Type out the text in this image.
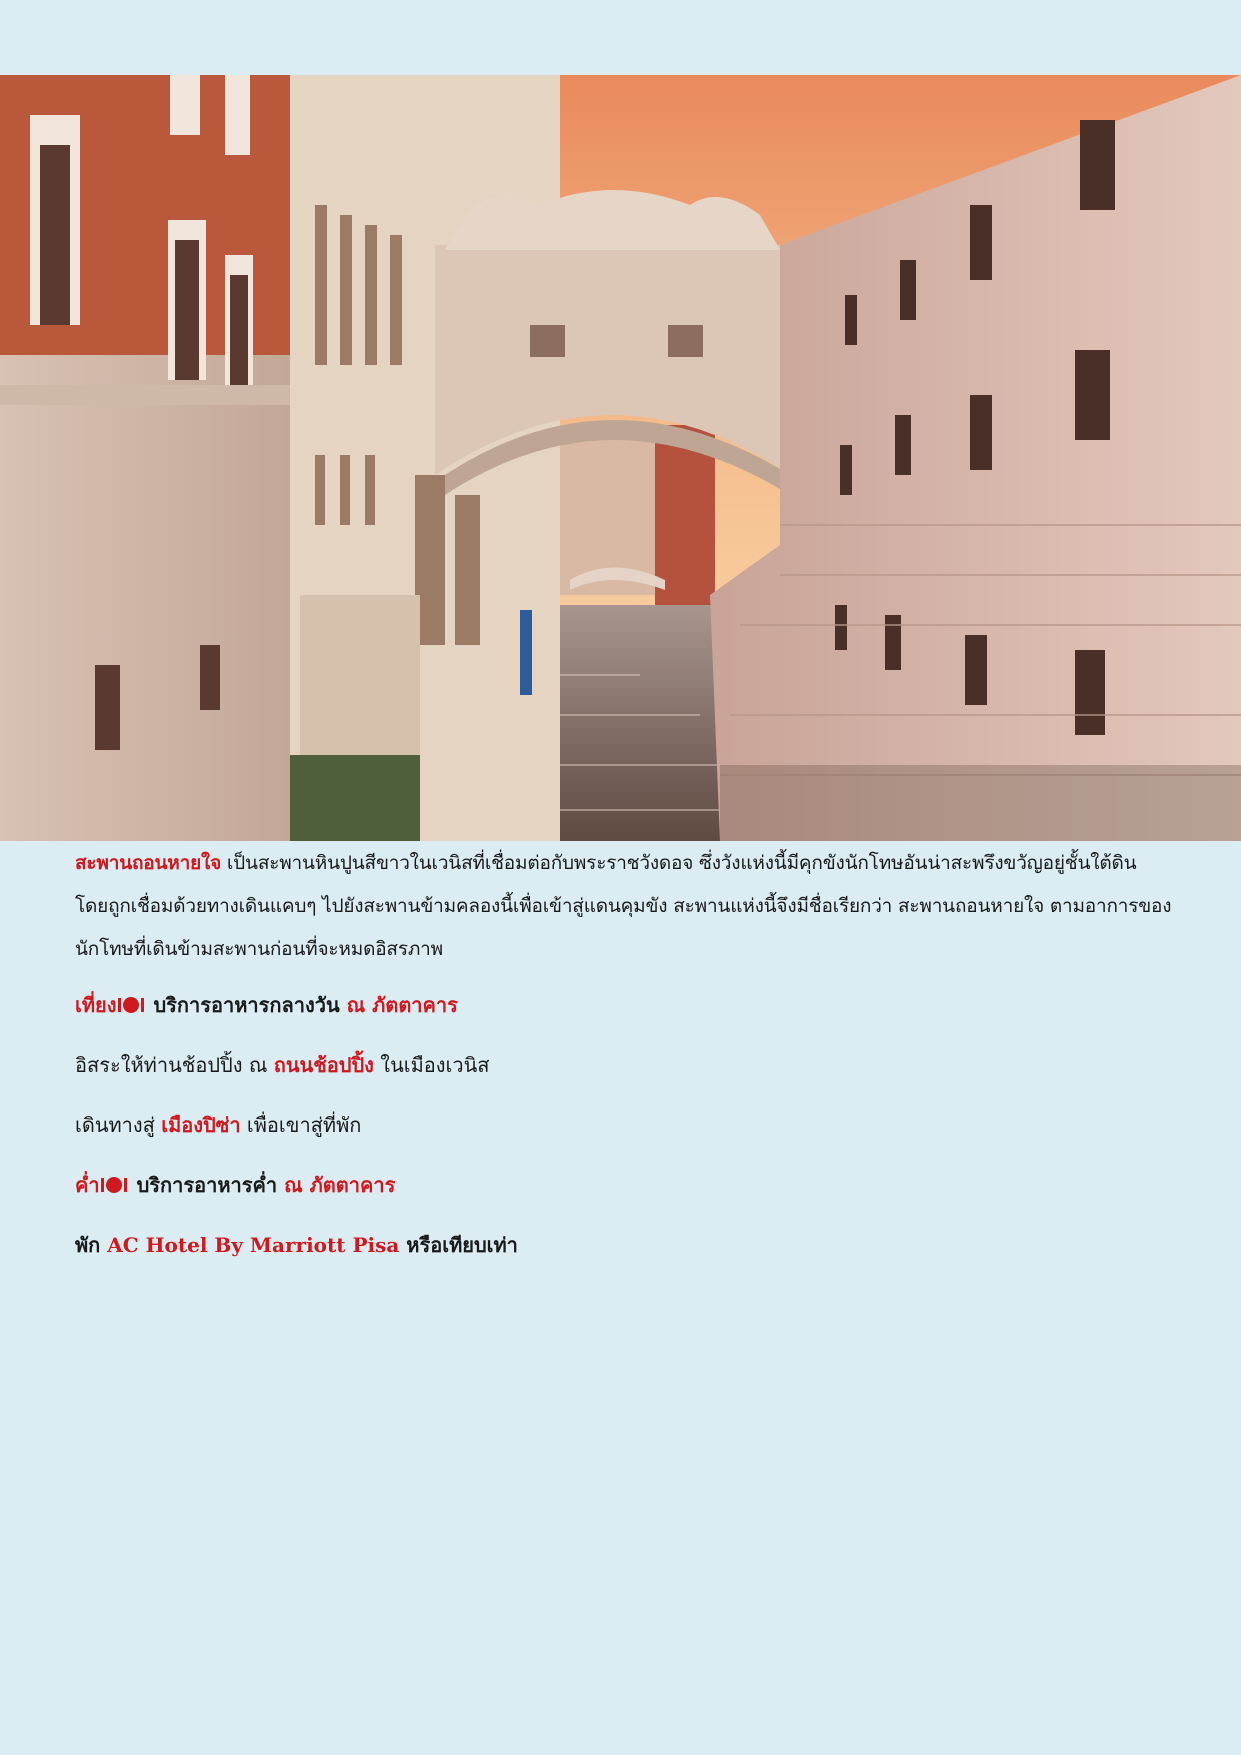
สะพานถอนหายใจ เป็นสะพานหินปูนสีขาวในเวนิสที่เชื่อมต่อกับพระราชวังดอจ ซึ่งวังแห่งนี้มีคุกขังนักโทษอันน่าสะพรึงขวัญอยู่ชั้นใต้ดิน โดยถูกเชื่อมด้วยทางเดินแคบๆ ไปยังสะพานข้ามคลองนี้เพื่อเข้าสู่แดนคุมขัง สะพานแห่งนี้จึงมีชื่อเรียกว่า สะพานถอนหายใจ ตามอาการของนักโทษที่เดินข้ามสะพานก่อนที่จะหมดอิสรภาพ

เที่ยง บริการอาหารกลางวัน ณ ภัตตาคาร

อิสระให้ท่านช้อปปิ้ง ณ ถนนช้อปปิ้ง ในเมืองเวนิส

เดินทางสู่ เมืองปิซ่า เพื่อเขาสู่ที่พัก

ค่ำ บริการอาหารค่ำ ณ ภัตตาคาร

พัก AC Hotel By Marriott Pisa หรือเทียบเท่า
